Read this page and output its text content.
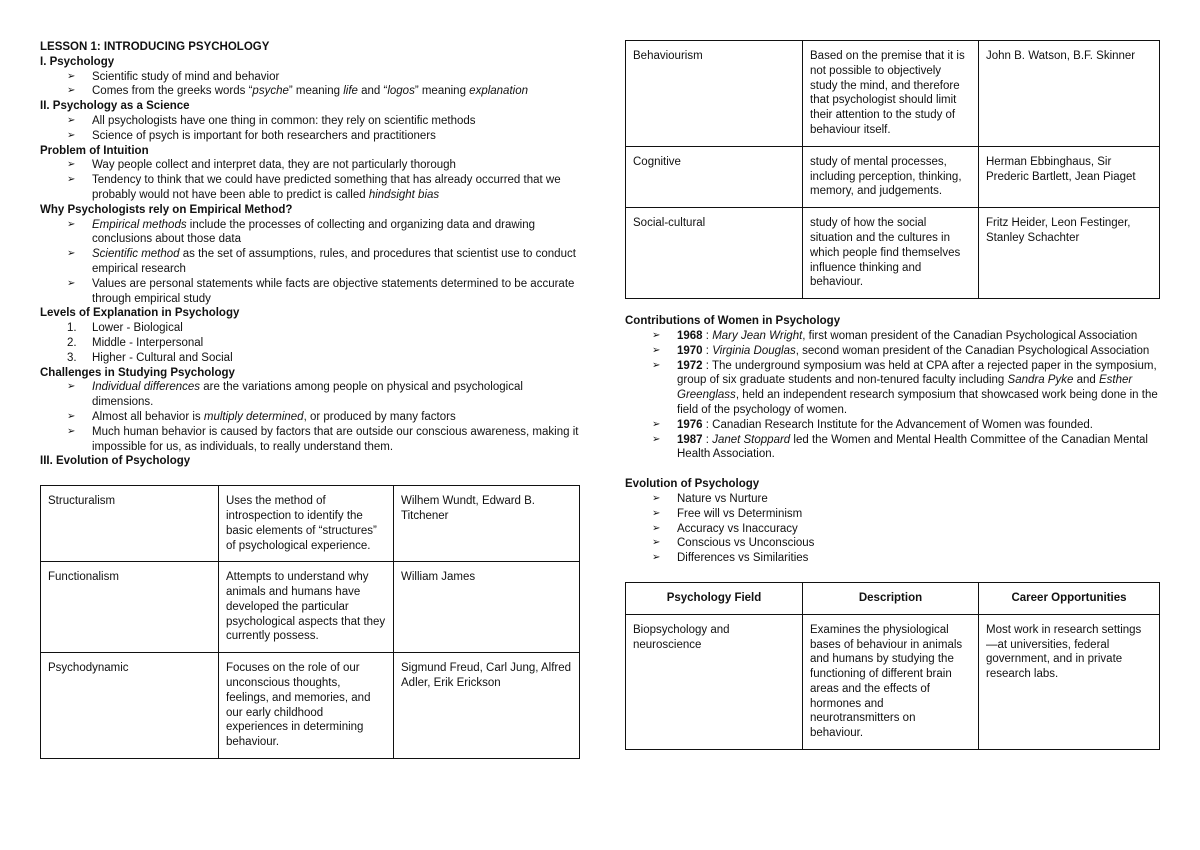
LESSON 1: INTRODUCING PSYCHOLOGY
I. Psychology
➢ Scientific study of mind and behavior
➢ Comes from the greeks words “psyche” meaning life and “logos” meaning explanation
II. Psychology as a Science
➢ All psychologists have one thing in common: they rely on scientific methods
➢ Science of psych is important for both researchers and practitioners
Problem of Intuition
➢ Way people collect and interpret data, they are not particularly thorough
➢ Tendency to think that we could have predicted something that has already occurred that we probably would not have been able to predict is called hindsight bias
Why Psychologists rely on Empirical Method?
➢ Empirical methods include the processes of collecting and organizing data and drawing conclusions about those data
➢ Scientific method as the set of assumptions, rules, and procedures that scientist use to conduct empirical research
➢ Values are personal statements while facts are objective statements determined to be accurate through empirical study
Levels of Explanation in Psychology
1. Lower - Biological
2. Middle - Interpersonal
3. Higher - Cultural and Social
Challenges in Studying Psychology
➢ Individual differences are the variations among people on physical and psychological dimensions.
➢ Almost all behavior is multiply determined, or produced by many factors
➢ Much human behavior is caused by factors that are outside our conscious awareness, making it impossible for us, as individuals, to really understand them.
III. Evolution of Psychology
Structuralism	Uses the method of introspection to identify the basic elements of “structures” of psychological experience.	Wilhem Wundt, Edward B. Titchener
Functionalism	Attempts to understand why animals and humans have developed the particular psychological aspects that they currently possess.	William James
Psychodynamic	Focuses on the role of our unconscious thoughts, feelings, and memories, and our early childhood experiences in determining behaviour.	Sigmund Freud, Carl Jung, Alfred Adler, Erik Erickson
Behaviourism	Based on the premise that it is not possible to objectively study the mind, and therefore that psychologist should limit their attention to the study of behaviour itself.	John B. Watson, B.F. Skinner
Cognitive	study of mental processes, including perception, thinking, memory, and judgements.	Herman Ebbinghaus, Sir Prederic Bartlett, Jean Piaget
Social-cultural	study of how the social situation and the cultures in which people find themselves influence thinking and behaviour.	Fritz Heider, Leon Festinger, Stanley Schachter
Contributions of Women in Psychology
➢ 1968 : Mary Jean Wright, first woman president of the Canadian Psychological Association
➢ 1970 : Virginia Douglas, second woman president of the Canadian Psychological Association
➢ 1972 : The underground symposium was held at CPA after a rejected paper in the symposium, group of six graduate students and non-tenured faculty including Sandra Pyke and Esther Greenglass, held an independent research symposium that showcased work being done in the field of the psychology of women.
➢ 1976 : Canadian Research Institute for the Advancement of Women was founded.
➢ 1987 : Janet Stoppard led the Women and Mental Health Committee of the Canadian Mental Health Association.
Evolution of Psychology
➢ Nature vs Nurture
➢ Free will vs Determinism
➢ Accuracy vs Inaccuracy
➢ Conscious vs Unconscious
➢ Differences vs Similarities
Psychology Field	Description	Career Opportunities
Biopsychology and neuroscience	Examines the physiological bases of behaviour in animals and humans by studying the functioning of different brain areas and the effects of hormones and neurotransmitters on behaviour.	Most work in research settings—at universities, federal government, and in private research labs.
